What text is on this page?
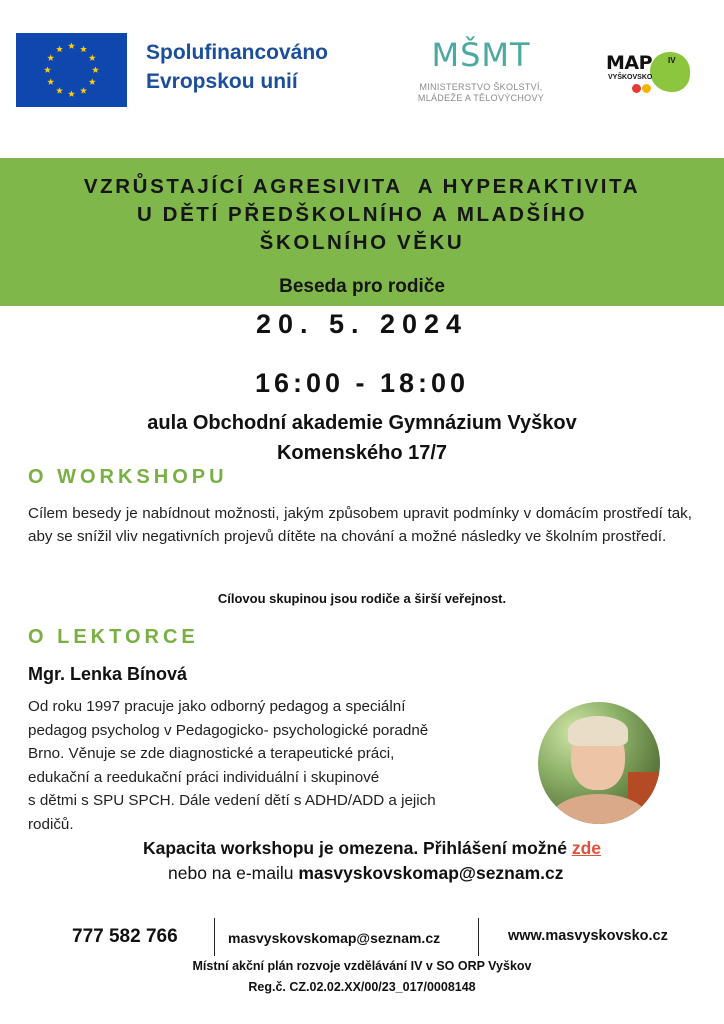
Spolufinancováno
Evropskou unií
MŠMT
MINISTERSTVO ŠKOLSTVÍ,
MLÁDEŽE A TĚLOVÝCHOVY
MAP IV
VYŠKOVSKO
VZRŮSTAJÍCÍ AGRESIVITA  A HYPERAKTIVITA
U DĚTÍ PŘEDŠKOLNÍHO A MLADŠÍHO
ŠKOLNÍHO VĚKU
Beseda pro rodiče
20. 5. 2024
16:00 - 18:00
aula Obchodní akademie Gymnázium Vyškov
Komenského 17/7
O WORKSHOPU
Cílem besedy je nabídnout možnosti, jakým způsobem upravit podmínky v domácím prostředí tak, aby se snížil vliv negativních projevů dítěte na chování a možné následky ve školním prostředí.
Cílovou skupinou jsou rodiče a širší veřejnost.
O LEKTORCE
Mgr. Lenka Bínová
Od roku 1997 pracuje jako odborný pedagog a speciální
pedagog psycholog v Pedagogicko- psychologické poradně
Brno. Věnuje se zde diagnostické a terapeutické práci,
edukační a reedukační práci individuální i skupinové
s dětmi s SPU SPCH. Dále vedení dětí s ADHD/ADD a jejich
rodičů.
Kapacita workshopu je omezena. Přihlášení možné zde
nebo na e-mailu masvyskovskomap@seznam.cz
777 582 766	masvyskovskomap@seznam.cz	www.masvyskovsko.cz
Místní akční plán rozvoje vzdělávání IV v SO ORP Vyškov
Reg.č. CZ.02.02.XX/00/23_017/0008148
